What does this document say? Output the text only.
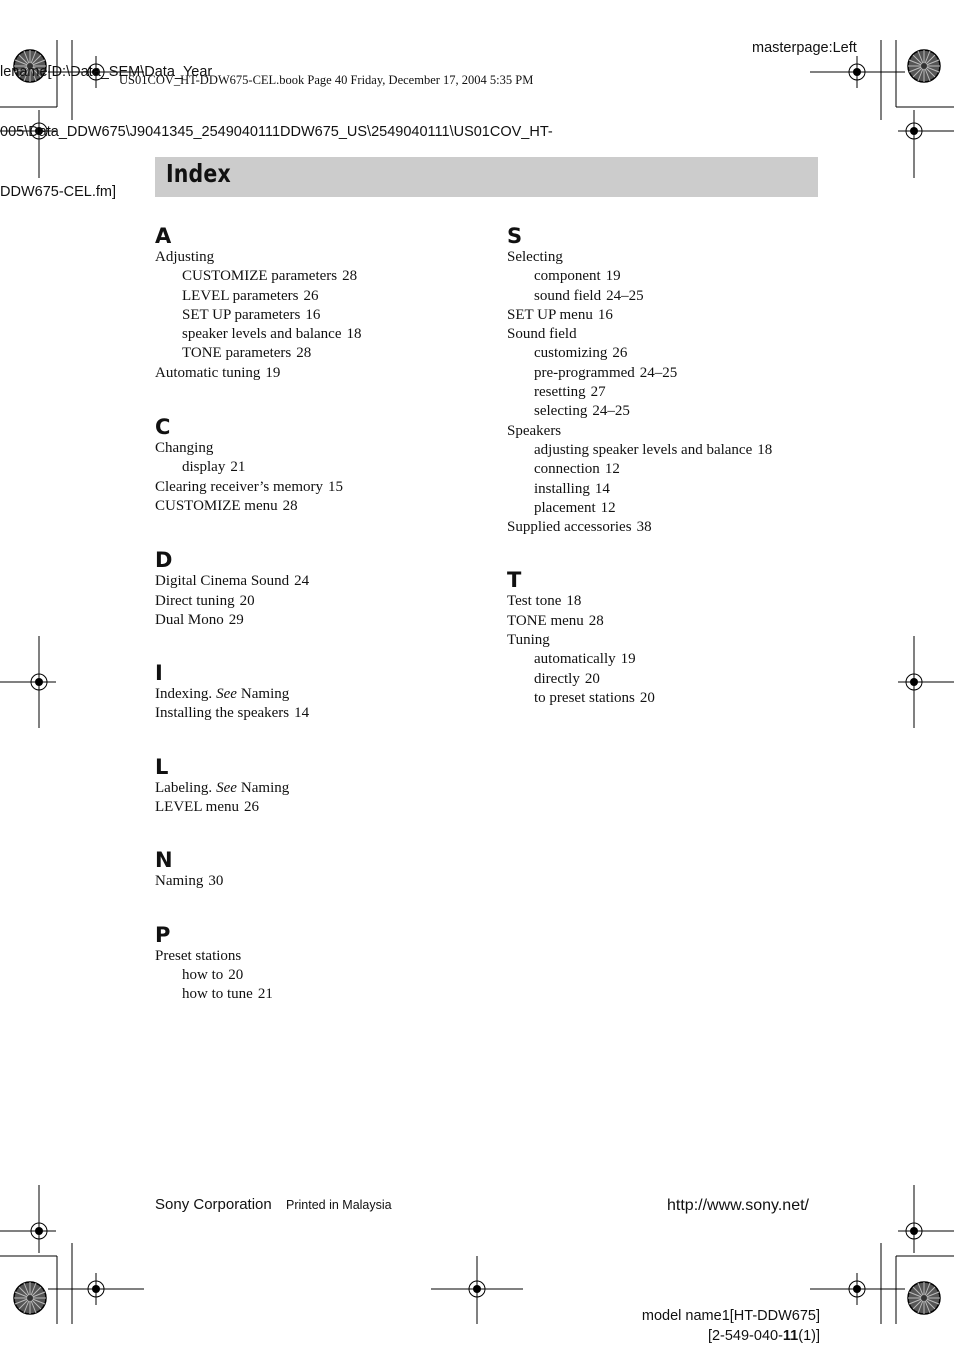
lename[D:\Data_SEM\Data_Year

005\Data_DDW675\J9041345_2549040111DDW675_US\2549040111\US01COV_HT-

DDW675-CEL.fm]

masterpage:Left
US01COV_HT-DDW675-CEL.book Page 40 Friday, December 17, 2004 5:35 PM
Index
A
Adjusting
CUSTOMIZE parameters 28
LEVEL parameters 26
SET UP parameters 16
speaker levels and balance 18
TONE parameters 28
Automatic tuning 19
C
Changing
display 21
Clearing receiver’s memory 15
CUSTOMIZE menu 28
D
Digital Cinema Sound 24
Direct tuning 20
Dual Mono 29
I
Indexing. See Naming
Installing the speakers 14
L
Labeling. See Naming
LEVEL menu 26
N
Naming 30
P
Preset stations
how to 20
how to tune 21
S
Selecting
component 19
sound field 24–25
SET UP menu 16
Sound field
customizing 26
pre-programmed 24–25
resetting 27
selecting 24–25
Speakers
adjusting speaker levels and balance 18
connection 12
installing 14
placement 12
Supplied accessories 38
T
Test tone 18
TONE menu 28
Tuning
automatically 19
directly 20
to preset stations 20
Sony Corporation Printed in Malaysia	http://www.sony.net/
model name1[HT-DDW675]
[2-549-040-11(1)]
